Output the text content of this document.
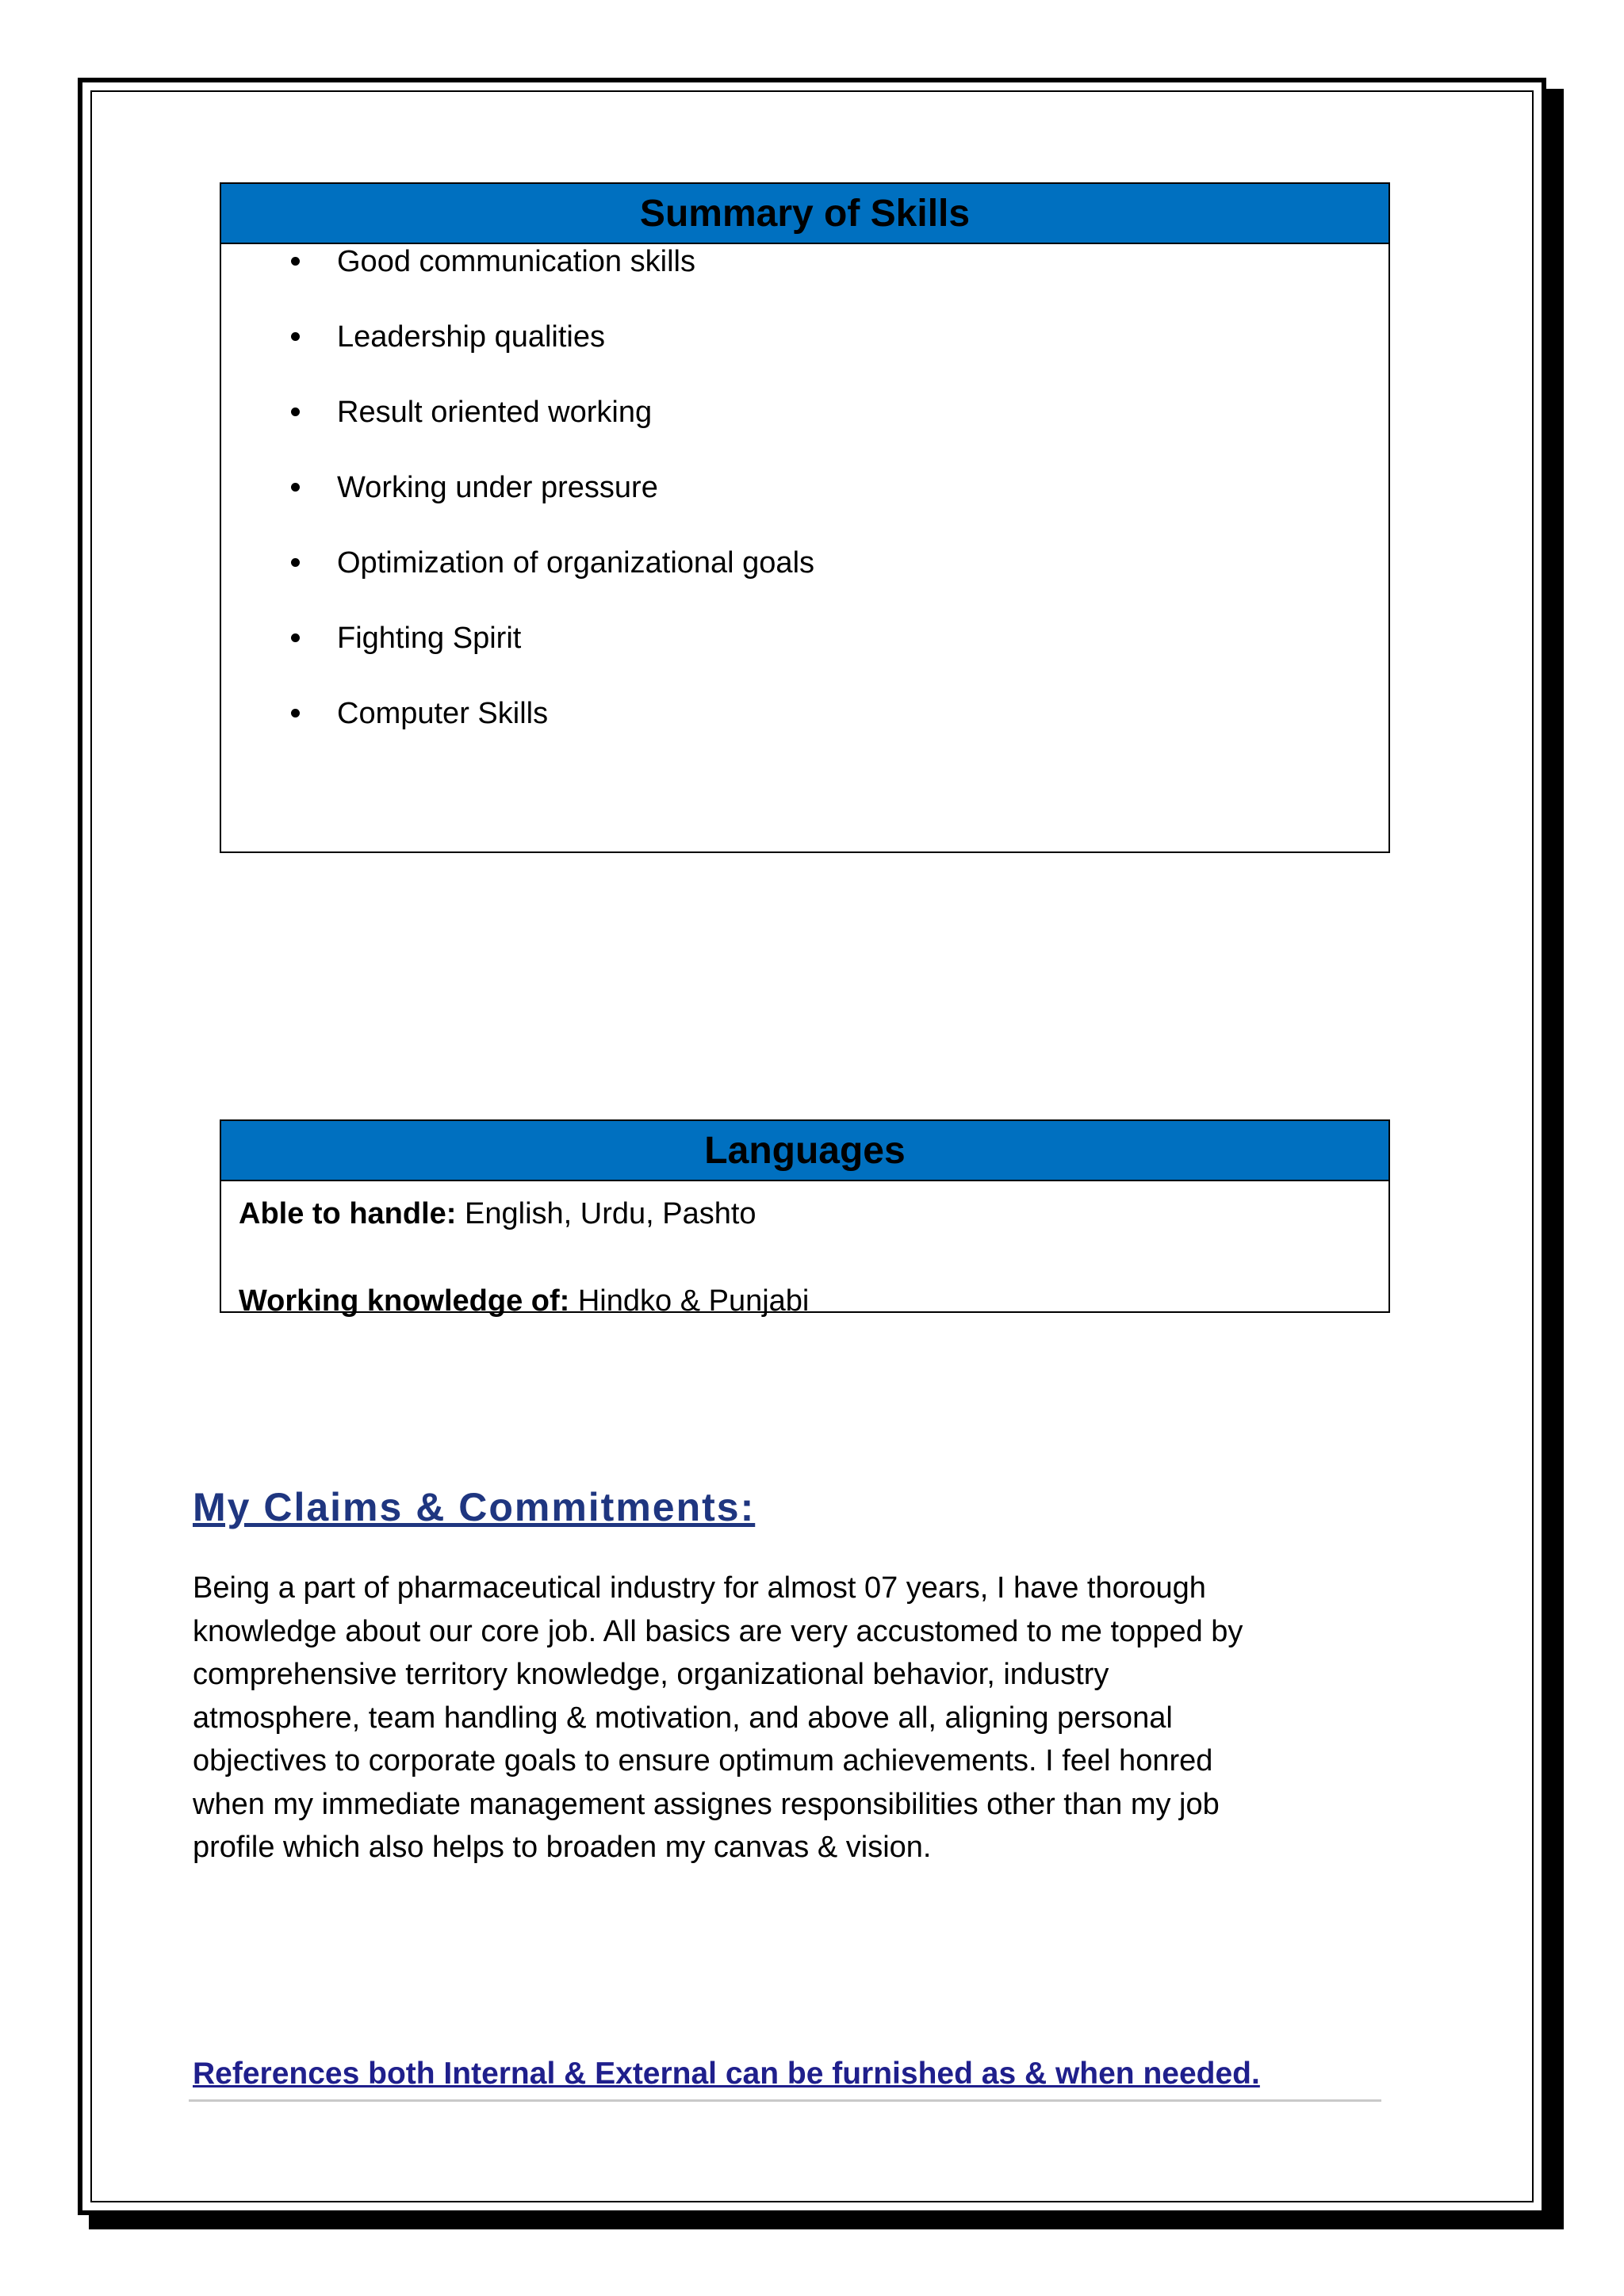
Summary of Skills
Good communication skills
Leadership qualities
Result oriented working
Working under pressure
Optimization of organizational goals
Fighting Spirit
Computer Skills
Languages
Able to handle: English, Urdu, Pashto
Working knowledge of: Hindko & Punjabi
My Claims & Commitments:

Being a part of pharmaceutical industry for almost 07 years, I have thorough
knowledge about our core job. All basics are very accustomed to me topped by
comprehensive territory knowledge, organizational behavior, industry
atmosphere, team handling & motivation, and above all, aligning personal
objectives to corporate goals to ensure optimum achievements. I feel honred
when my immediate management assignes responsibilities other than my job
profile which also helps to broaden my canvas & vision.

References both Internal & External can be furnished as & when needed.
